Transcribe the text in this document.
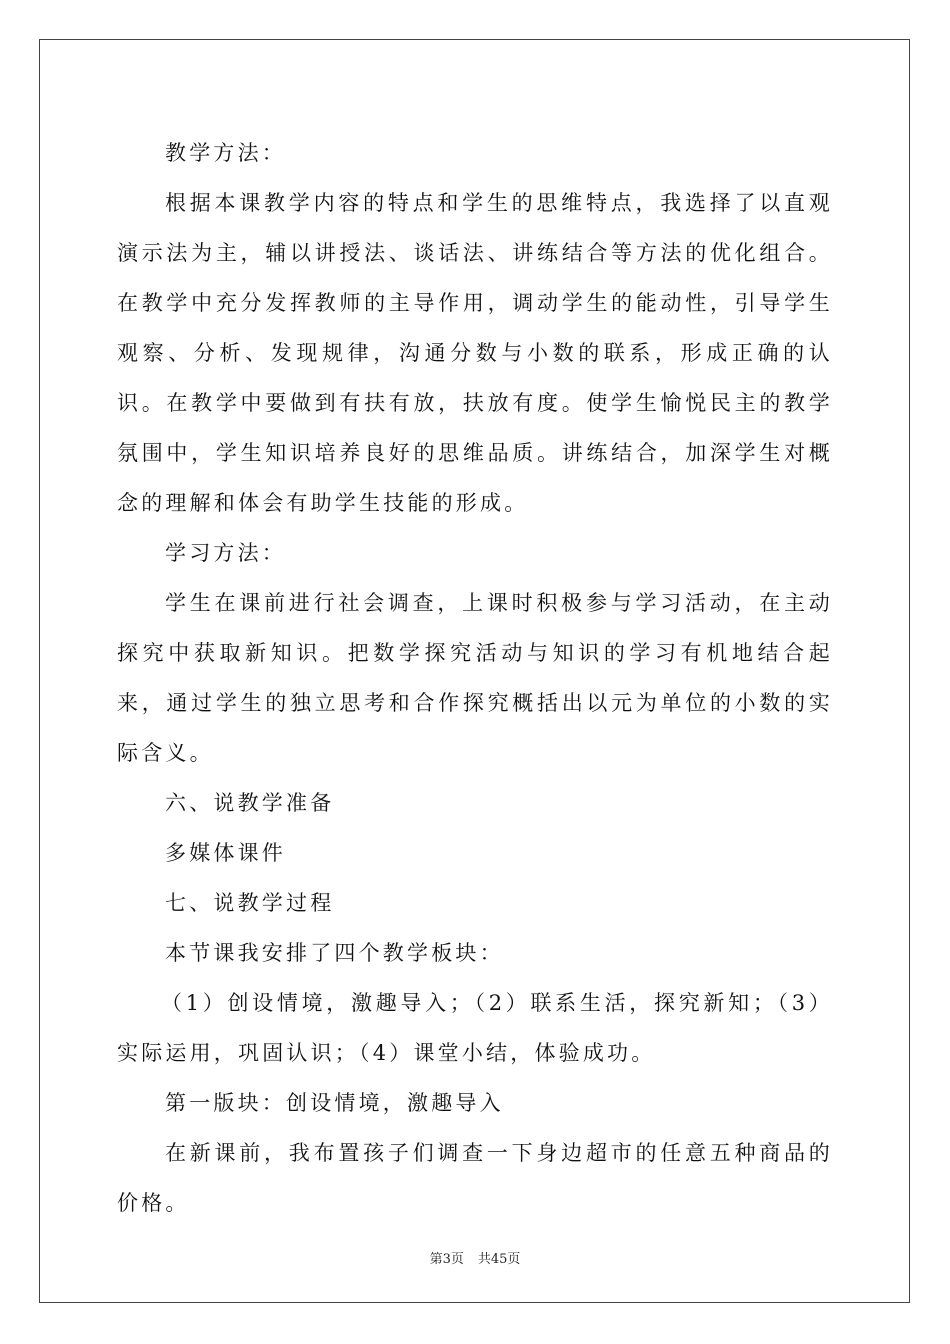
教学方法：

根据本课教学内容的特点和学生的思维特点，我选择了以直观演示法为主，辅以讲授法、谈话法、讲练结合等方法的优化组合。在教学中充分发挥教师的主导作用，调动学生的能动性，引导学生观察、分析、发现规律，沟通分数与小数的联系，形成正确的认识。在教学中要做到有扶有放，扶放有度。使学生愉悦民主的教学氛围中，学生知识培养良好的思维品质。讲练结合，加深学生对概念的理解和体会有助学生技能的形成。

学习方法：

学生在课前进行社会调查，上课时积极参与学习活动，在主动探究中获取新知识。把数学探究活动与知识的学习有机地结合起来，通过学生的独立思考和合作探究概括出以元为单位的小数的实际含义。

六、说教学准备

多媒体课件

七、说教学过程

本节课我安排了四个教学板块：

（1）创设情境，激趣导入；（2）联系生活，探究新知；（3）实际运用，巩固认识；（4）课堂小结，体验成功。

第一版块：创设情境，激趣导入

在新课前，我布置孩子们调查一下身边超市的任意五种商品的价格。

第3页 共45页
